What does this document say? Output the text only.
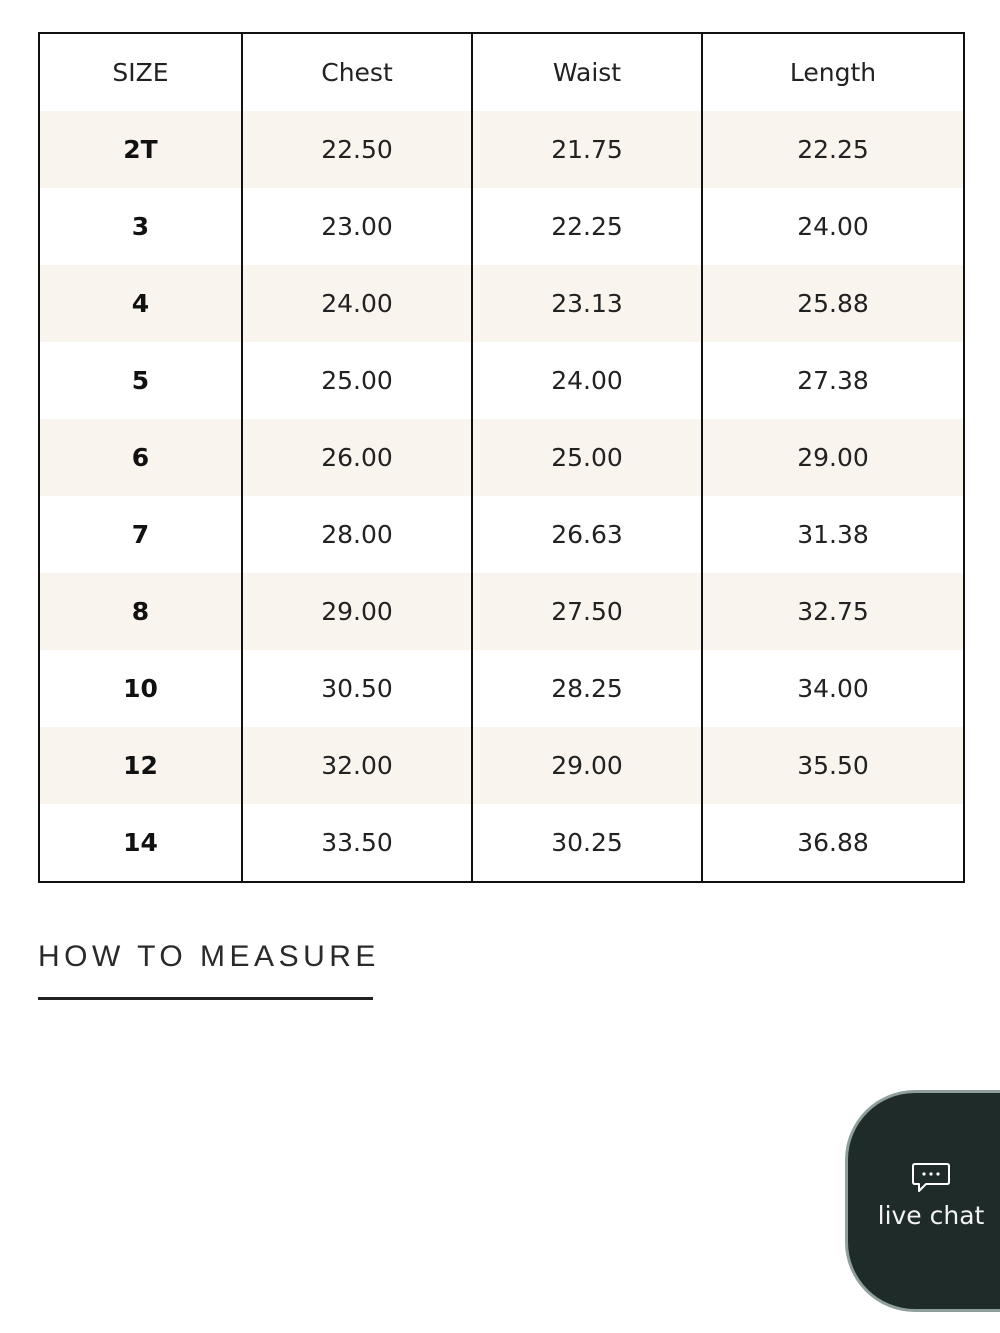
SIZE	Chest	Waist	Length
2T	22.50	21.75	22.25
3	23.00	22.25	24.00
4	24.00	23.13	25.88
5	25.00	24.00	27.38
6	26.00	25.00	29.00
7	28.00	26.63	31.38
8	29.00	27.50	32.75
10	30.50	28.25	34.00
12	32.00	29.00	35.50
14	33.50	30.25	36.88
HOW TO MEASURE
live chat
